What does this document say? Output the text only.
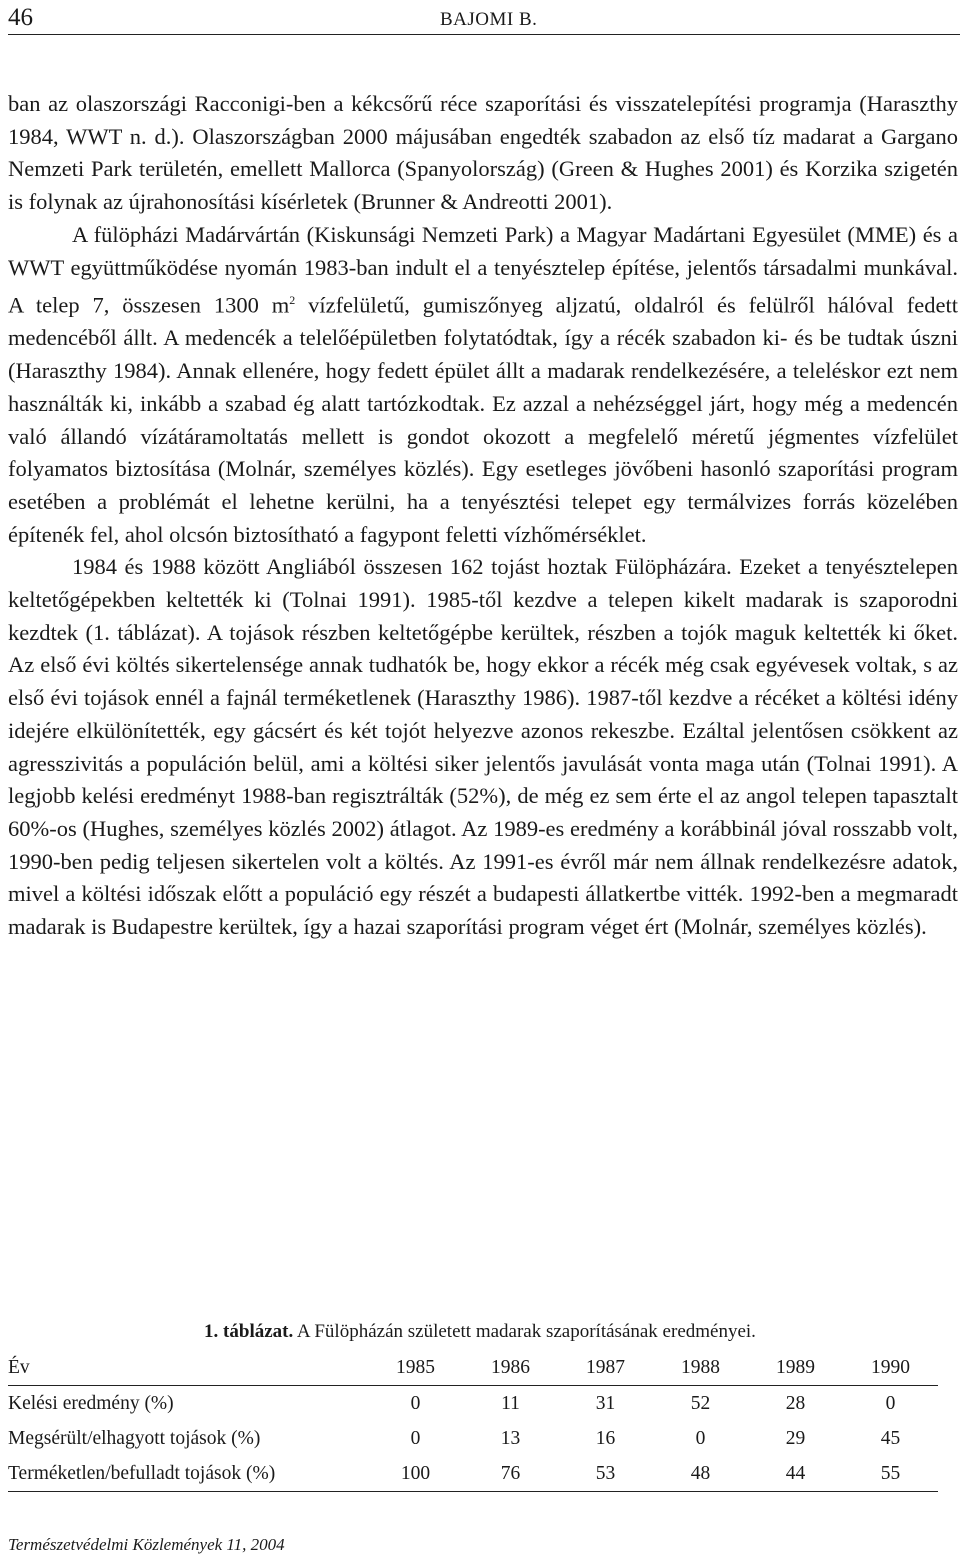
46	BAJOMI B.

ban az olaszországi Racconigi-ben a kékcsőrű réce szaporítási és visszatelepítési programja (Haraszthy 1984, WWT n. d.). Olaszországban 2000 májusában engedték szabadon az első tíz madarat a Gargano Nemzeti Park területén, emellett Mallorca (Spanyolország) (Green & Hughes 2001) és Korzika szigetén is folynak az újrahonosítási kísérletek (Brunner & Andreotti 2001).

A fülöpházi Madárvártán (Kiskunsági Nemzeti Park) a Magyar Madártani Egyesület (MME) és a WWT együttműködése nyomán 1983-ban indult el a tenyésztelep építése, jelentős társadalmi munkával. A telep 7, összesen 1300 $m^2$ vízfelületű, gumiszőnyeg aljzatú, oldalról és felülről hálóval fedett medencéből állt. A medencék a telelőépületben folytatódtak, így a récék szabadon ki- és be tudtak úszni (Haraszthy 1984). Annak ellenére, hogy fedett épület állt a madarak rendelkezésére, a teleléskor ezt nem használták ki, inkább a szabad ég alatt tartózkodtak. Ez azzal a nehézséggel járt, hogy még a medencén való állandó vízátáramoltatás mellett is gondot okozott a megfelelő méretű jégmentes vízfelület folyamatos biztosítása (Molnár, személyes közlés). Egy esetleges jövőbeni hasonló szaporítási program esetében a problémát el lehetne kerülni, ha a tenyésztési telepet egy termálvizes forrás közelében építenék fel, ahol olcsón biztosítható a fagypont feletti vízhőmérséklet.

1984 és 1988 között Angliából összesen 162 tojást hoztak Fülöpházára. Ezeket a tenyésztelepen keltetőgépekben keltették ki (Tolnai 1991). 1985-től kezdve a telepen kikelt madarak is szaporodni kezdtek (1. táblázat). A tojások részben keltetőgépbe kerültek, részben a tojók maguk keltették ki őket. Az első évi költés sikertelensége annak tudhatók be, hogy ekkor a récék még csak egyévesek voltak, s az első évi tojások ennél a fajnál terméketlenek (Haraszthy 1986). 1987-től kezdve a récéket a költési idény idejére elkülönítették, egy gácsért és két tojót helyezve azonos rekeszbe. Ezáltal jelentősen csökkent az agresszivitás a populáción belül, ami a költési siker jelentős javulását vonta maga után (Tolnai 1991). A legjobb kelési eredményt 1988-ban regisztrálták (52%), de még ez sem érte el az angol telepen tapasztalt 60%-os (Hughes, személyes közlés 2002) átlagot. Az 1989-es eredmény a korábbinál jóval rosszabb volt, 1990-ben pedig teljesen sikertelen volt a költés. Az 1991-es évről már nem állnak rendelkezésre adatok, mivel a költési időszak előtt a populáció egy részét a budapesti állatkertbe vitték. 1992-ben a megmaradt madarak is Budapestre kerültek, így a hazai szaporítási program véget ért (Molnár, személyes közlés).

1. táblázat. A Fülöpházán született madarak szaporításának eredményei.
Év	1985	1986	1987	1988	1989	1990
Kelési eredmény (%)	0	11	31	52	28	0
Megsérült/elhagyott tojások (%)	0	13	16	0	29	45
Terméketlen/befulladt tojások (%)	100	76	53	48	44	55
Természetvédelmi Közlemények 11, 2004
